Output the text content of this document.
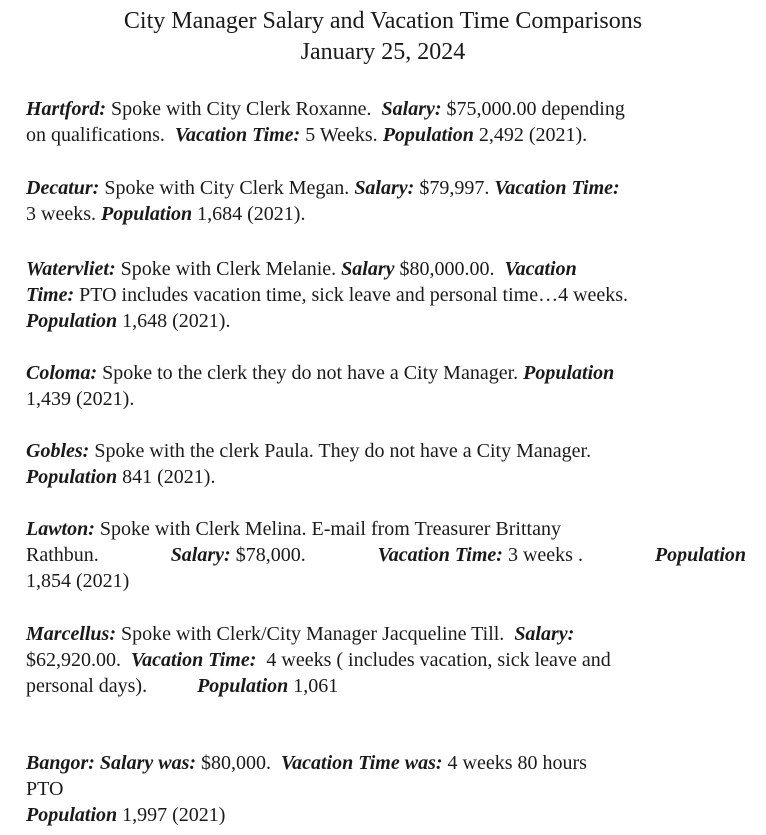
City Manager Salary and Vacation Time Comparisons
January 25, 2024
Hartford: Spoke with City Clerk Roxanne. Salary: $75,000.00 depending
on qualifications. Vacation Time: 5 Weeks. Population 2,492 (2021).
Decatur: Spoke with City Clerk Megan. Salary: $79,997. Vacation Time:
3 weeks. Population 1,684 (2021).
Watervliet: Spoke with Clerk Melanie. Salary $80,000.00. Vacation
Time: PTO includes vacation time, sick leave and personal time…4 weeks.
Population 1,648 (2021).
Coloma: Spoke to the clerk they do not have a City Manager. Population
1,439 (2021).
Gobles: Spoke with the clerk Paula. They do not have a City Manager.
Population 841 (2021).
Lawton: Spoke with Clerk Melina. E-mail from Treasurer Brittany
Rathbun.	Salary: $78,000.	Vacation Time: 3 weeks .	Population
1,854 (2021)
Marcellus: Spoke with Clerk/City Manager Jacqueline Till. Salary:
$62,920.00. Vacation Time: 4 weeks ( includes vacation, sick leave and
personal days).	Population 1,061
Bangor: Salary was: $80,000. Vacation Time was: 4 weeks 80 hours
PTO
Population 1,997 (2021)
